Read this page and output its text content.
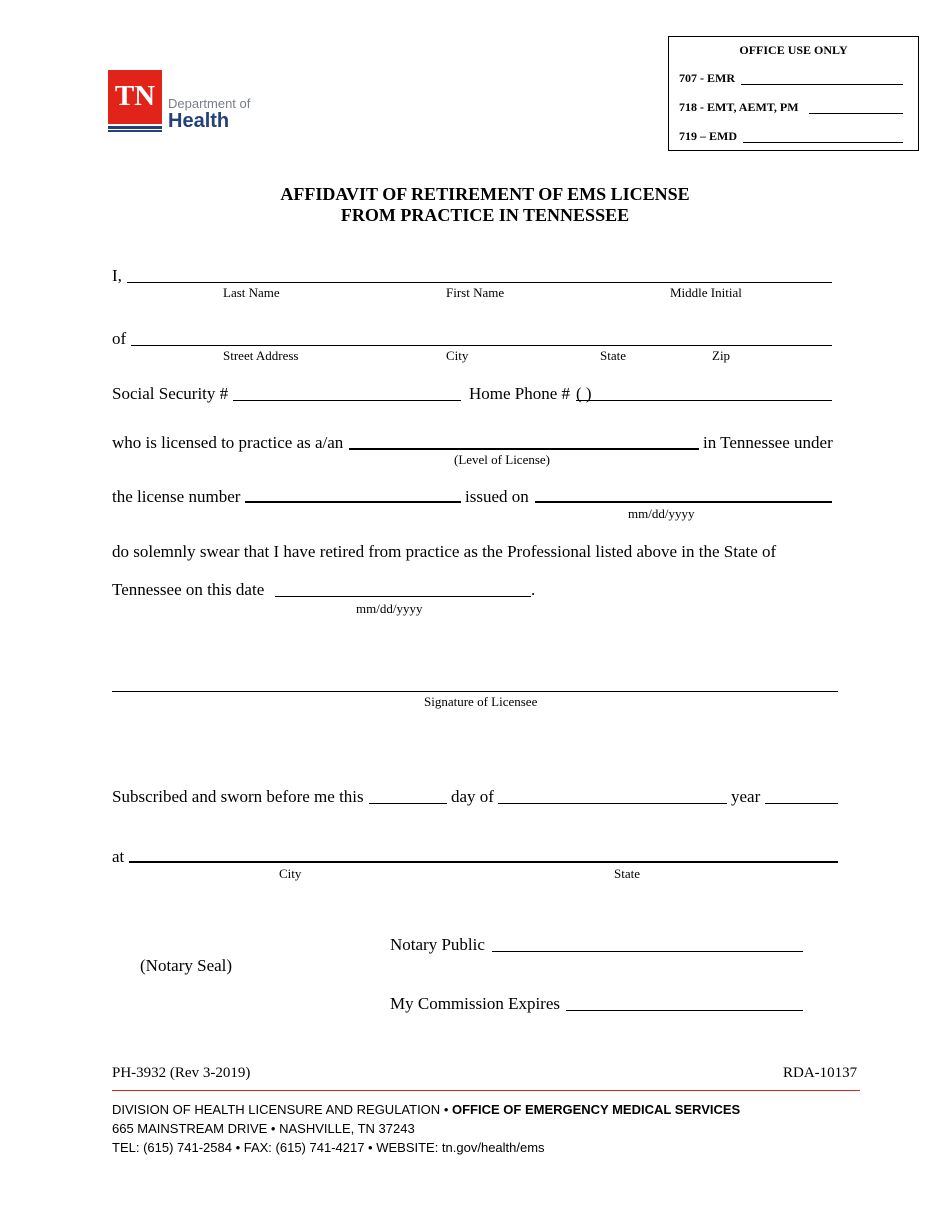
TN Department of
Health
OFFICE USE ONLY
707 - EMR
718 - EMT, AEMT, PM
719 – EMD
AFFIDAVIT OF RETIREMENT OF EMS LICENSE
FROM PRACTICE IN TENNESSEE
I,
Last Name	First Name	Middle Initial
of
Street Address	City	State	Zip
Social Security #	Home Phone # ( )
who is licensed to practice as a/an	in Tennessee under
(Level of License)
the license number	issued on
mm/dd/yyyy
do solemnly swear that I have retired from practice as the Professional listed above in the State of
Tennessee on this date	.
mm/dd/yyyy
Signature of Licensee
Subscribed and sworn before me this	day of	year
at
City	State
Notary Public
(Notary Seal)
My Commission Expires
PH-3932 (Rev 3-2019)	RDA-10137
DIVISION OF HEALTH LICENSURE AND REGULATION • OFFICE OF EMERGENCY MEDICAL SERVICES
665 MAINSTREAM DRIVE • NASHVILLE, TN 37243
TEL: (615) 741-2584 • FAX: (615) 741-4217 • WEBSITE: tn.gov/health/ems
